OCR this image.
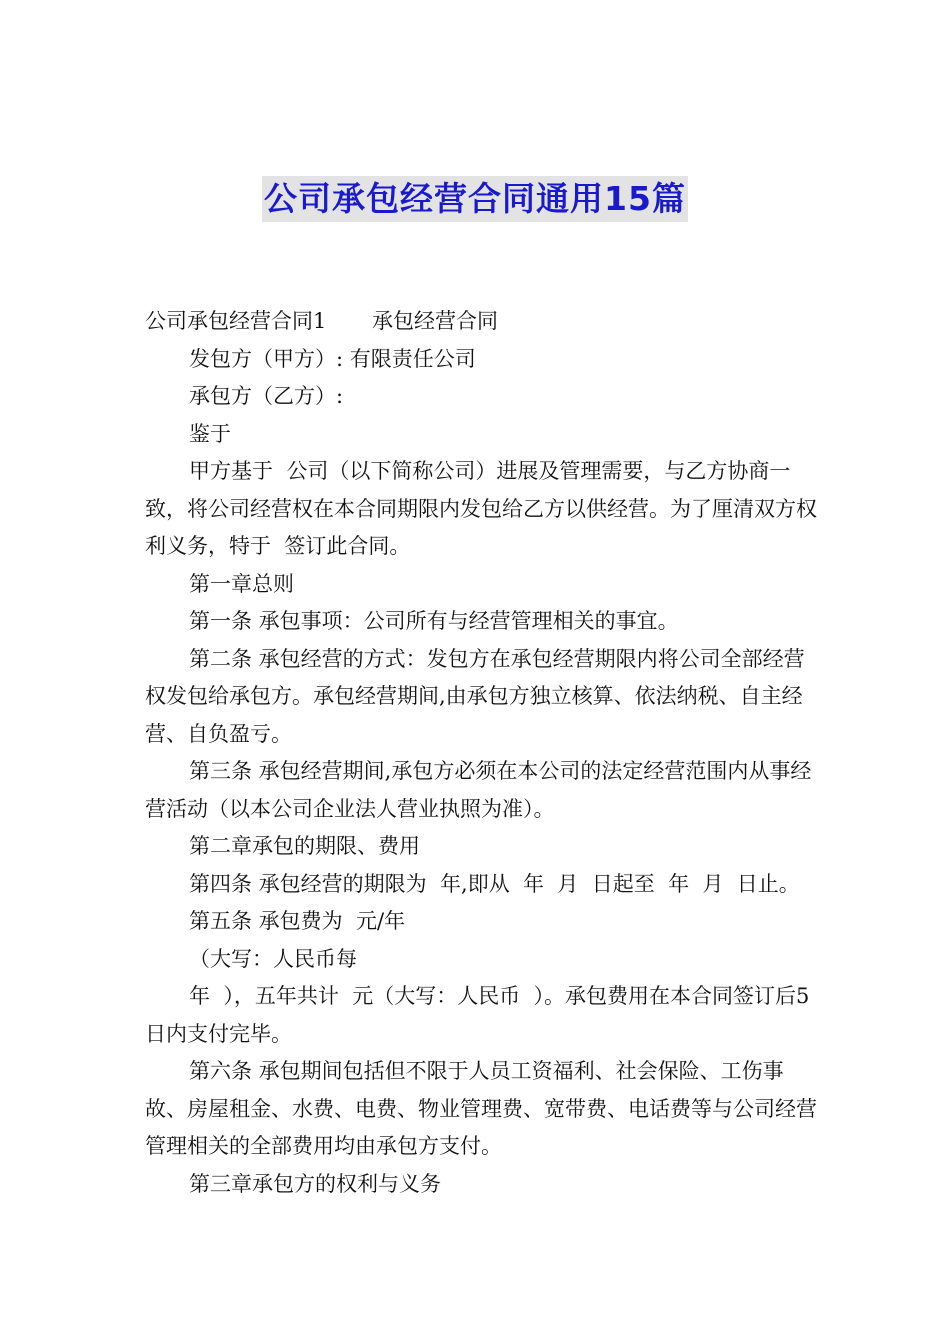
公司承包经营合同通用15篇

公司承包经营合同1	承包经营合同

发包方（甲方）: 有限责任公司

承包方（乙方）:

鉴于

甲方基于  公司（以下简称公司）进展及管理需要，与乙方协商一致，将公司经营权在本合同期限内发包给乙方以供经营。为了厘清双方权利义务，特于  签订此合同。

第一章总则

第一条 承包事项：公司所有与经营管理相关的事宜。

第二条 承包经营的方式：发包方在承包经营期限内将公司全部经营权发包给承包方。承包经营期间,由承包方独立核算、依法纳税、自主经营、自负盈亏。

第三条 承包经营期间,承包方必须在本公司的法定经营范围内从事经营活动（以本公司企业法人营业执照为准）。

第二章承包的期限、费用

第四条 承包经营的期限为  年,即从  年  月  日起至  年  月  日止。

第五条 承包费为  元/年

（大写：人民币每

年  ），五年共计  元（大写：人民币  ）。承包费用在本合同签订后5日内支付完毕。

第六条 承包期间包括但不限于人员工资福利、社会保险、工伤事故、房屋租金、水费、电费、物业管理费、宽带费、电话费等与公司经营管理相关的全部费用均由承包方支付。

第三章承包方的权利与义务
